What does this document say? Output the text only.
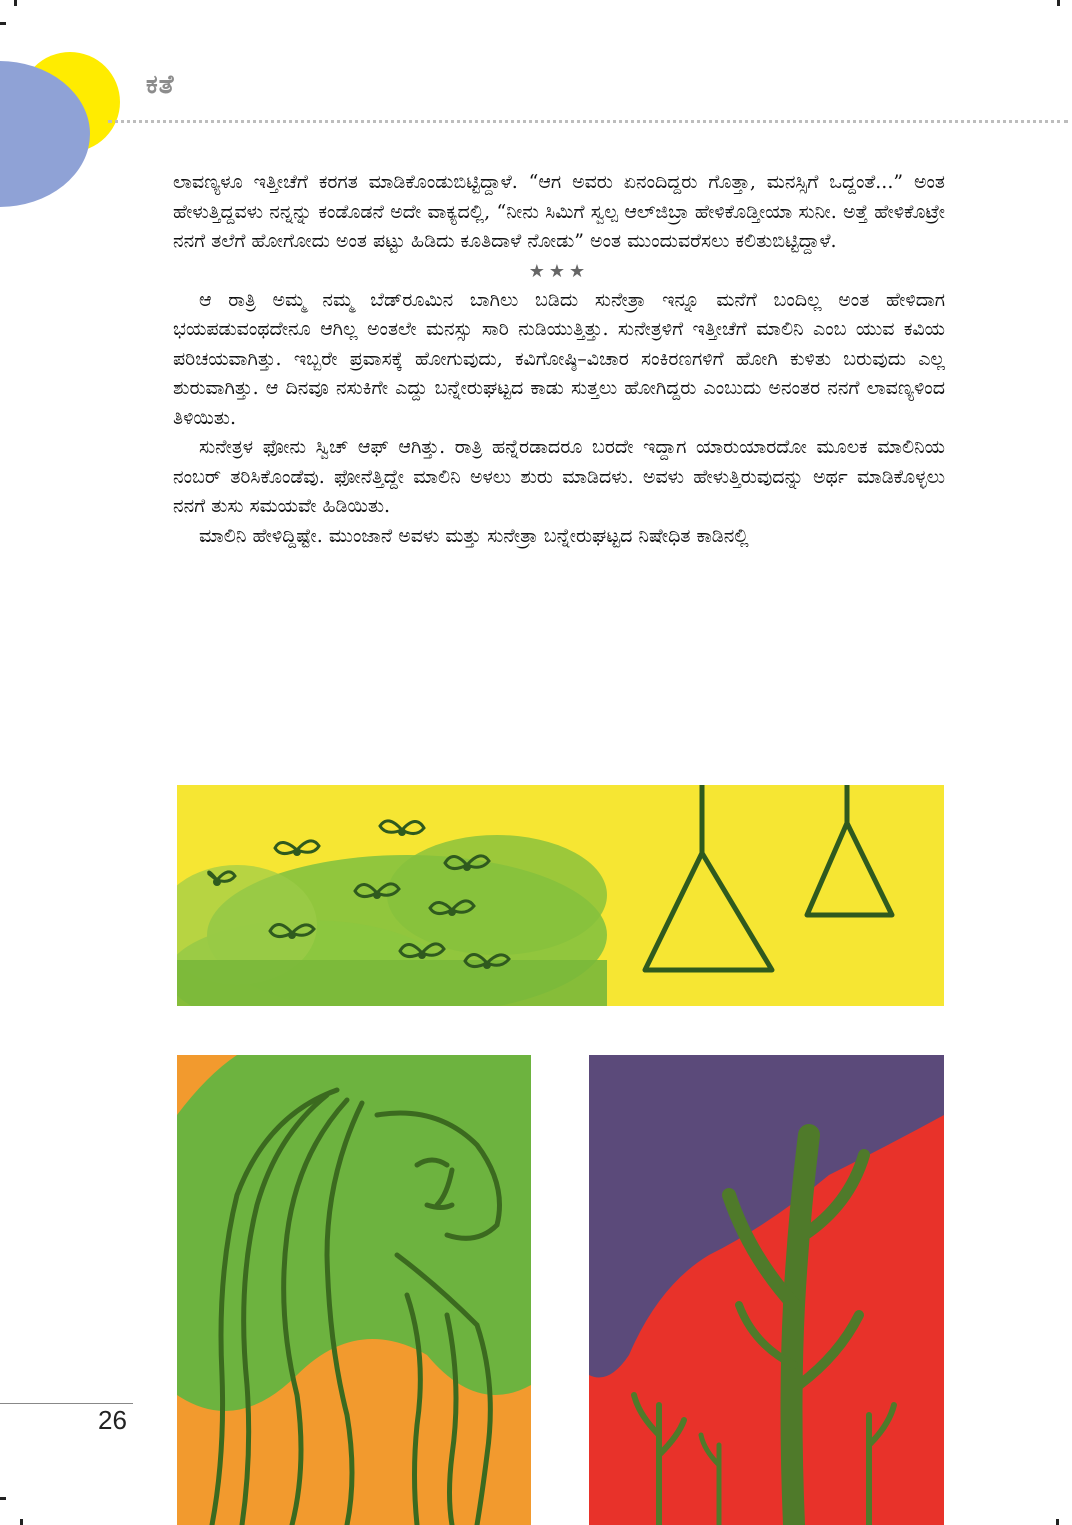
ಕತೆ

ಲಾವಣ್ಯಳೂ ಇತ್ತೀಚೆಗೆ ಕರಗತ ಮಾಡಿಕೊಂಡುಬಿಟ್ಟಿದ್ದಾಳೆ. “ಆಗ ಅವರು ಏನಂದಿದ್ದರು ಗೊತ್ತಾ, ಮನಸ್ಸಿಗೆ ಒದ್ದಂತೆ...” ಅಂತ ಹೇಳುತ್ತಿದ್ದವಳು ನನ್ನನ್ನು ಕಂಡೊಡನೆ ಅದೇ ವಾಕ್ಯದಲ್ಲಿ, “ನೀನು ಸಿಮಿಗೆ ಸ್ವಲ್ಪ ಆಲ್‌ಜಿಬ್ರಾ ಹೇಳಿಕೊಡ್ತೀಯಾ ಸುನೀ. ಅತ್ತೆ ಹೇಳಿಕೊಟ್ರೇ ನನಗೆ ತಲೆಗೆ ಹೋಗೋದು ಅಂತ ಪಟ್ಟು ಹಿಡಿದು ಕೂತಿದಾಳೆ ನೋಡು” ಅಂತ ಮುಂದುವರೆಸಲು ಕಲಿತುಬಿಟ್ಟಿದ್ದಾಳೆ.

★★★

ಆ ರಾತ್ರಿ ಅಮ್ಮ ನಮ್ಮ ಬೆಡ್‌ರೂಮಿನ ಬಾಗಿಲು ಬಡಿದು ಸುನೇತ್ರಾ ಇನ್ನೂ ಮನೆಗೆ ಬಂದಿಲ್ಲ ಅಂತ ಹೇಳಿದಾಗ ಭಯಪಡುವಂಥದೇನೂ ಆಗಿಲ್ಲ ಅಂತಲೇ ಮನಸ್ಸು ಸಾರಿ ನುಡಿಯುತ್ತಿತ್ತು. ಸುನೇತ್ರಳಿಗೆ ಇತ್ತೀಚೆಗೆ ಮಾಲಿನಿ ಎಂಬ ಯುವ ಕವಿಯ ಪರಿಚಯವಾಗಿತ್ತು. ಇಬ್ಬರೇ ಪ್ರವಾಸಕ್ಕೆ ಹೋಗುವುದು, ಕವಿಗೋಷ್ಠಿ–ವಿಚಾರ ಸಂಕಿರಣಗಳಿಗೆ ಹೋಗಿ ಕುಳಿತು ಬರುವುದು ಎಲ್ಲ ಶುರುವಾಗಿತ್ತು. ಆ ದಿನವೂ ನಸುಕಿಗೇ ಎದ್ದು ಬನ್ನೇರುಘಟ್ಟದ ಕಾಡು ಸುತ್ತಲು ಹೋಗಿದ್ದರು ಎಂಬುದು ಅನಂತರ ನನಗೆ ಲಾವಣ್ಯಳಿಂದ ತಿಳಿಯಿತು.

ಸುನೇತ್ರಳ ಫೋನು ಸ್ವಿಚ್ ಆಫ್ ಆಗಿತ್ತು. ರಾತ್ರಿ ಹನ್ನೆರಡಾದರೂ ಬರದೇ ಇದ್ದಾಗ ಯಾರುಯಾರದೋ ಮೂಲಕ ಮಾಲಿನಿಯ ನಂಬರ್ ತರಿಸಿಕೊಂಡೆವು. ಫೋನೆತ್ತಿದ್ದೇ ಮಾಲಿನಿ ಅಳಲು ಶುರು ಮಾಡಿದಳು. ಅವಳು ಹೇಳುತ್ತಿರುವುದನ್ನು ಅರ್ಥ ಮಾಡಿಕೊಳ್ಳಲು ನನಗೆ ತುಸು ಸಮಯವೇ ಹಿಡಿಯಿತು.

ಮಾಲಿನಿ ಹೇಳಿದ್ದಿಷ್ಟೇ. ಮುಂಜಾನೆ ಅವಳು ಮತ್ತು ಸುನೇತ್ರಾ ಬನ್ನೇರುಘಟ್ಟದ ನಿಷೇಧಿತ ಕಾಡಿನಲ್ಲಿ

26
